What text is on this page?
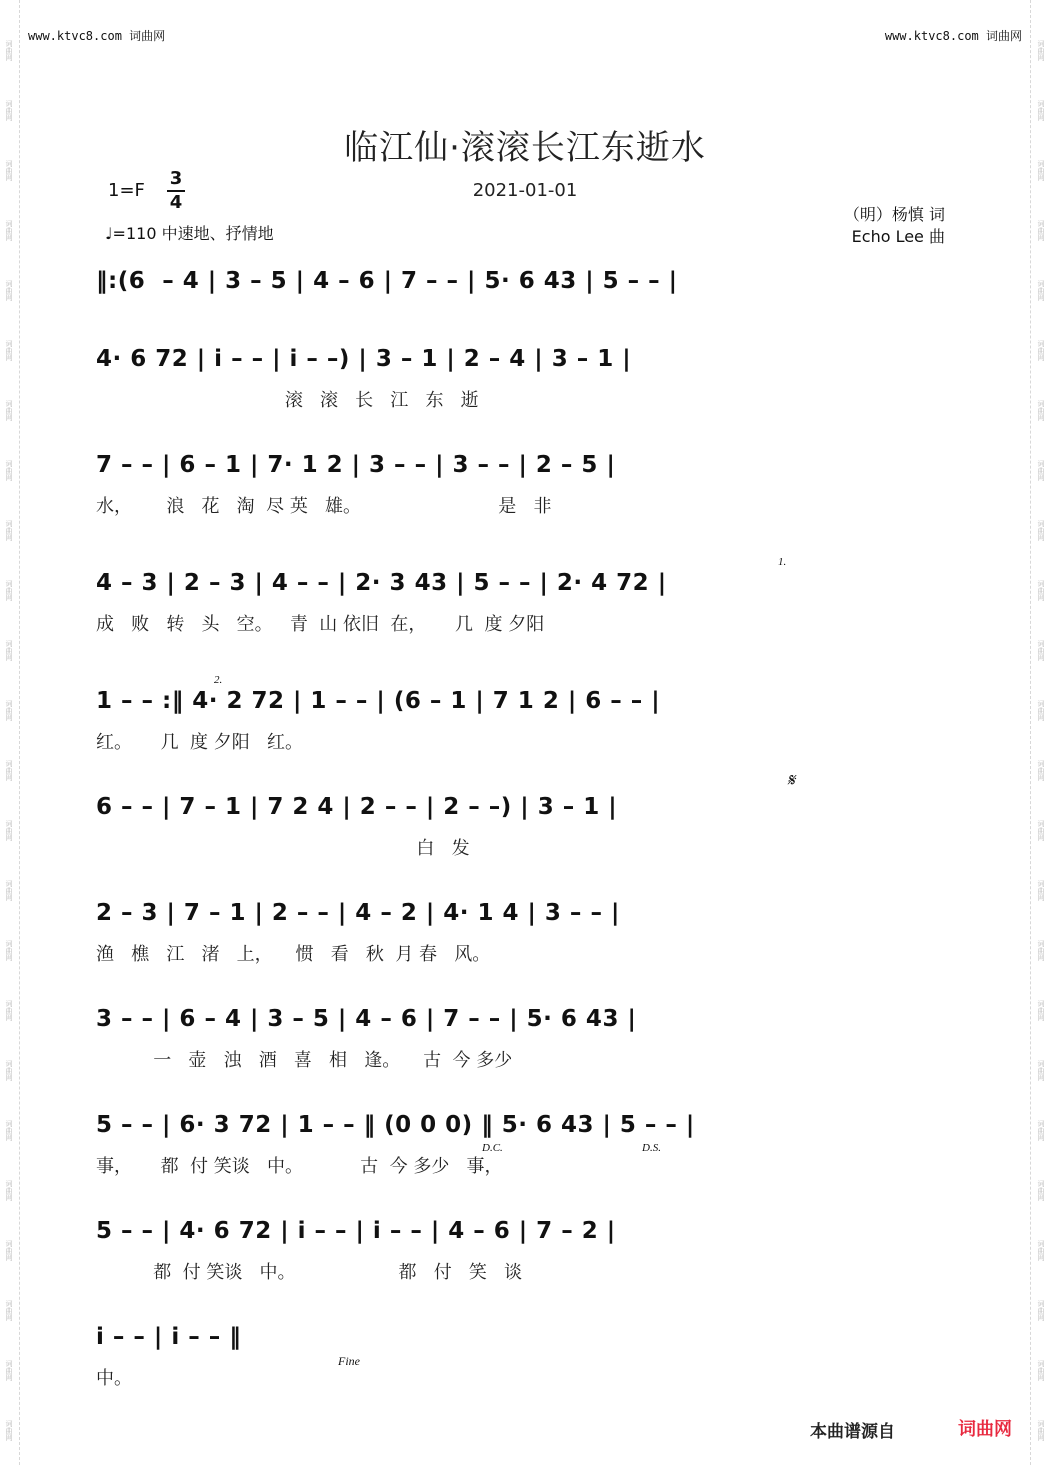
词曲网
词曲网
词曲网
词曲网
词曲网
词曲网
词曲网
词曲网
词曲网
词曲网
词曲网
词曲网
词曲网
词曲网
词曲网
词曲网
词曲网
词曲网
词曲网
词曲网
词曲网
词曲网
词曲网
词曲网
词曲网
词曲网
词曲网
词曲网
词曲网
词曲网
词曲网
词曲网
词曲网
词曲网
词曲网
词曲网
词曲网
词曲网
词曲网
词曲网
词曲网
词曲网
词曲网
词曲网
词曲网
词曲网
词曲网
词曲网
www.ktvc8.com 词曲网	www.ktvc8.com 词曲网
临江仙·滚滚长江东逝水
2021-01-01
1=F
3
4
♩=110 中速地、抒情地
（明）杨慎 词
Echo Lee 曲
‖:(6  – 4 | 3 – 5 | 4 – 6 | 7 – – | 5· 6 43 | 5 – – |
4· 6 72 | i – – | i – –) | 3 – 1 | 2 – 4 | 3 – 1 |
滚   滚   长   江   东   逝
7 – – | 6 – 1 | 7· 1 2 | 3 – – | 3 – – | 2 – 5 |
水，      浪   花   淘  尽 英   雄。                        是   非
4 – 3 | 2 – 3 | 4 – – | 2· 3 43 | 5 – – | 2· 4 72 |
成   败   转   头   空。   青  山 依旧  在，     几  度 夕阳
1 – – :‖ 4· 2 72 | 1 – – | (6 – 1 | 7 1 2 | 6 – – |
红。     几  度 夕阳   红。
6 – – | 7 – 1 | 7 2 4 | 2 – – | 2 – –) | 3 – 1 |
白   发
2 – 3 | 7 – 1 | 2 – – | 4 – 2 | 4· 1 4 | 3 – – |
渔   樵   江   渚   上，    惯   看   秋  月 春   风。
3 – – | 6 – 4 | 3 – 5 | 4 – 6 | 7 – – | 5· 6 43 |
一   壶   浊   酒   喜   相   逢。    古  今 多少
5 – – | 6· 3 72 | 1 – – ‖ (0 0 0) ‖ 5· 6 43 | 5 – – |
事，     都  付 笑谈   中。          古  今 多少   事，
5 – – | 4· 6 72 | i – – | i – – | 4 – 6 | 7 – 2 |
都  付 笑谈   中。                  都   付   笑   谈
i – – | i – – ‖
中。
本曲谱源自	词曲网
1.
2.
𝄋
D.C.	D.S.
Fine
